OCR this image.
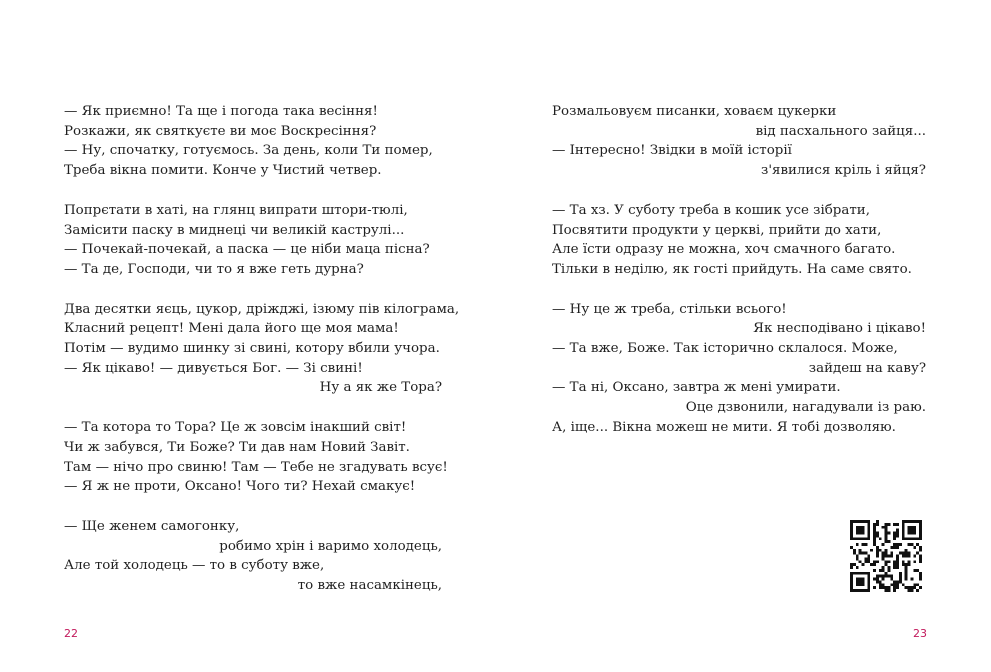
— Як приємно! Та ще і погода така весіння!
Розкажи, як святкуєте ви моє Воскресіння?
— Ну, спочатку, готуємось. За день, коли Ти помер,
Треба вікна помити. Конче у Чистий четвер.
Попрєтати в хаті, на глянц випрати штори-тюлі,
Замісити паску в миднеці чи великій каструлі...
— Почекай-почекай, а паска — це ніби маца пісна?
— Та де, Господи, чи то я вже геть дурна?
Два десятки яєць, цукор, дріжджі, ізюму пів кілограма,
Класний рецепт! Мені дала його ще моя мама!
Потім — вудимо шинку зі свині, котору вбили учора.
— Як цікаво! — дивується Бог. — Зі свині!
Ну а як же Тора?
— Та котора то Тора? Це ж зовсім інакший світ!
Чи ж забувся, Ти Боже? Ти дав нам Новий Завіт.
Там — нічо про свиню! Там — Тебе не згадувать всує!
— Я ж не проти, Оксано! Чого ти? Нехай смакує!
— Ще женем самогонку,
робимо хрін і варимо холодець,
Але той холодець — то в суботу вже,
то вже насамкінець,
22
Розмальовуєм писанки, ховаєм цукерки
від пасхального зайця...
— Інтересно! Звідки в моїй історії
з'явилися кріль і яйця?
— Та хз. У суботу треба в кошик усе зібрати,
Посвятити продукти у церкві, прийти до хати,
Але їсти одразу не можна, хоч смачного багато.
Тільки в неділю, як гості прийдуть. На саме свято.
— Ну це ж треба, стільки всього!
Як несподівано і цікаво!
— Та вже, Боже. Так історично склалося. Може,
зайдеш на каву?
— Та ні, Оксано, завтра ж мені умирати.
Оце дзвонили, нагадували із раю.
А, іще... Вікна можеш не мити. Я тобі дозволяю.
23
